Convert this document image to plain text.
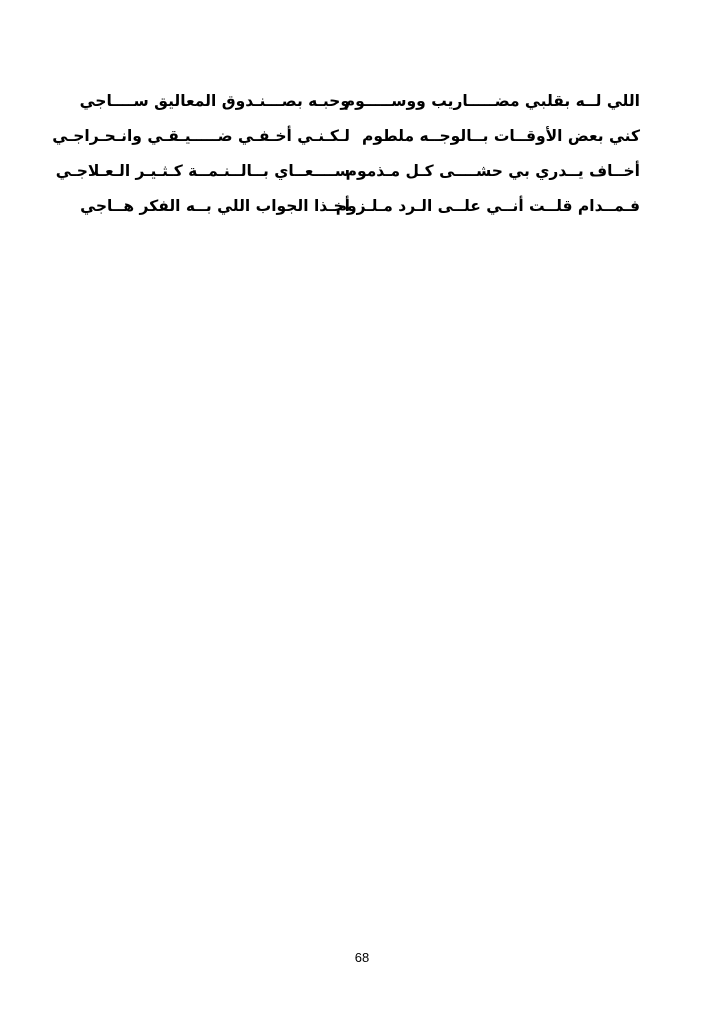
اللي لــه بقلبي مضـــــاريب ووســـــوم
وحبـه بصـــنـدوق المعاليق ســــاجي
كني بعض الأوقــات بــالوجــه ملطوم
لـكـنـي أخـفـي ضـــــيـقـي وانـحـراجـي
أخــاف يــدري بي حشــــى كـل مـذموم
ســــعــاي بــالــنـمــة كـثـيـر الـعـلاجـي
فـمــدام قلــت أنــي علــى الـرد مـلـزوم
أخـذا الجواب اللي بــه الفكر هــاجي
68
